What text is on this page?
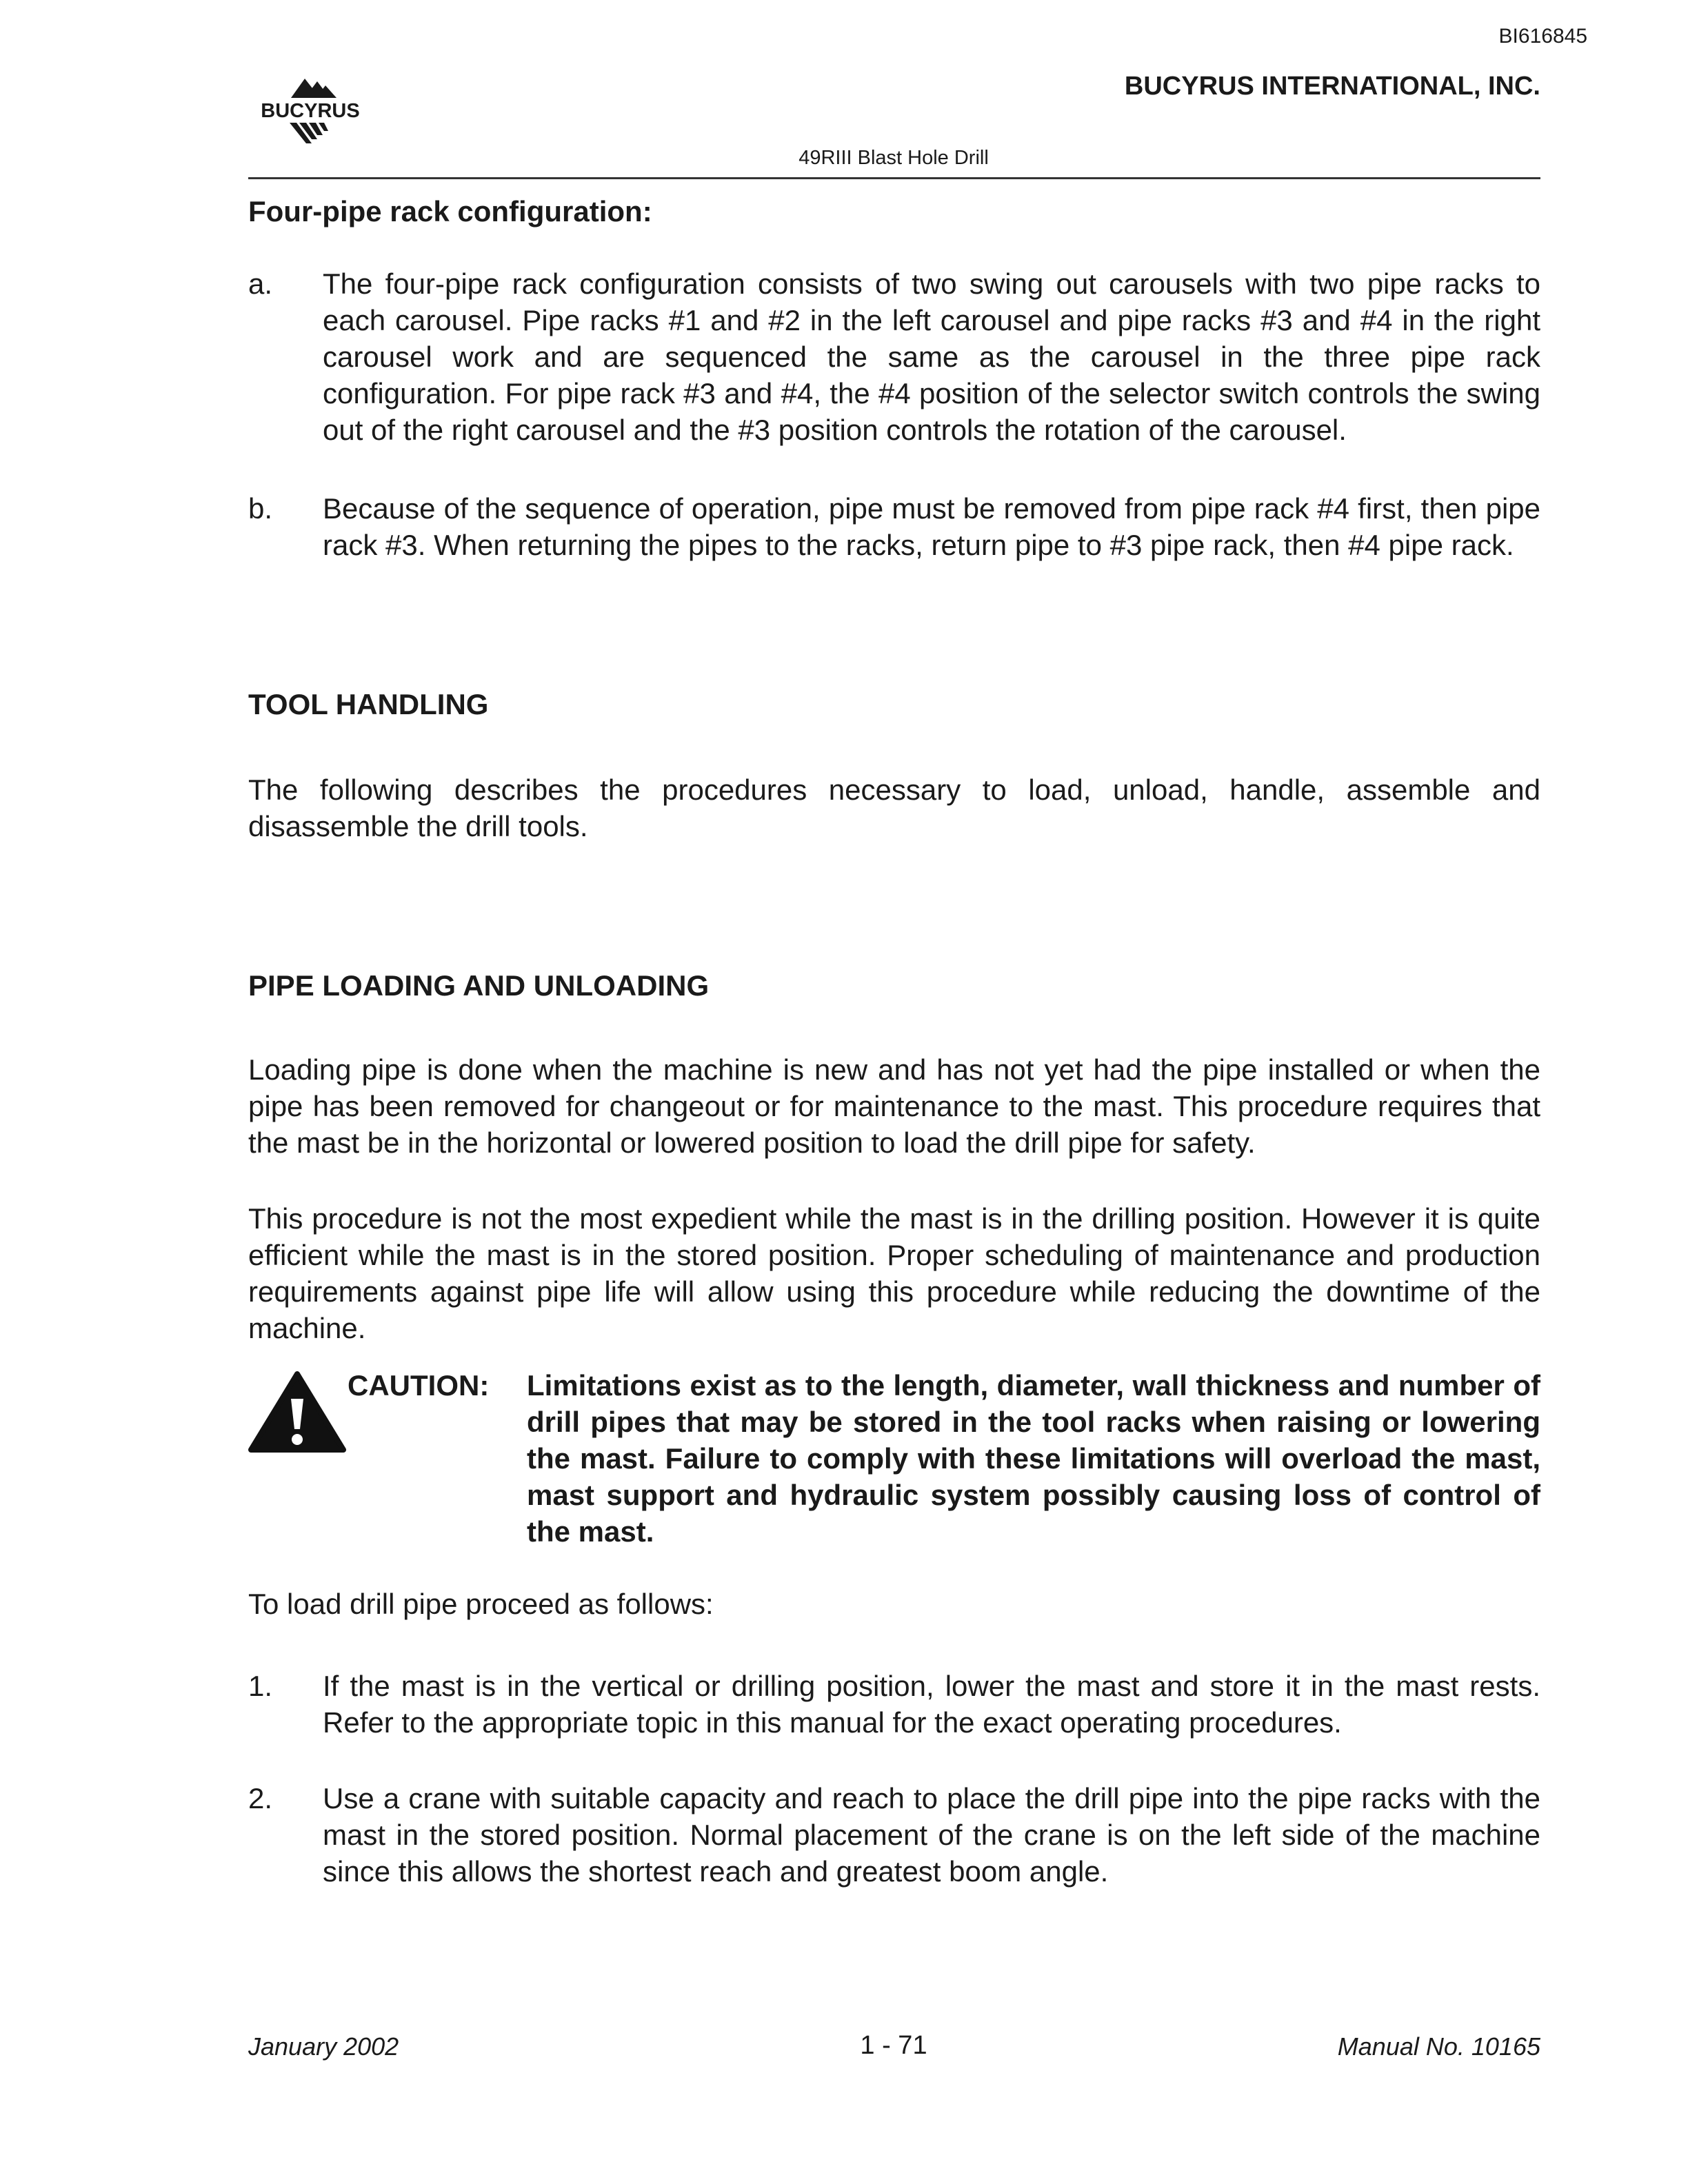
BI616845
BUCYRUS
BUCYRUS INTERNATIONAL, INC.
49RIII Blast Hole Drill
Four-pipe rack configuration:
a. The four-pipe rack configuration consists of two swing out carousels with two pipe racks to each carousel. Pipe racks #1 and #2 in the left carousel and pipe racks #3 and #4 in the right carousel work and are sequenced the same as the carousel in the three pipe rack configuration. For pipe rack #3 and #4, the #4 position of the selector switch controls the swing out of the right carousel and the #3 position controls the rotation of the carousel.
b. Because of the sequence of operation, pipe must be removed from pipe rack #4 first, then pipe rack #3. When returning the pipes to the racks, return pipe to #3 pipe rack, then #4 pipe rack.
TOOL HANDLING

The following describes the procedures necessary to load, unload, handle, assemble and disassemble the drill tools.

PIPE LOADING AND UNLOADING

Loading pipe is done when the machine is new and has not yet had the pipe installed or when the pipe has been removed for changeout or for maintenance to the mast. This procedure requires that the mast be in the horizontal or lowered position to load the drill pipe for safety.

This procedure is not the most expedient while the mast is in the drilling position. However it is quite efficient while the mast is in the stored position. Proper scheduling of maintenance and production requirements against pipe life will allow using this procedure while reducing the downtime of the machine.

CAUTION: Limitations exist as to the length, diameter, wall thickness and number of drill pipes that may be stored in the tool racks when raising or lowering the mast. Failure to comply with these limitations will overload the mast, mast support and hydraulic system possibly causing loss of control of the mast.

To load drill pipe proceed as follows:

1. If the mast is in the vertical or drilling position, lower the mast and store it in the mast rests. Refer to the appropriate topic in this manual for the exact operating procedures.
2. Use a crane with suitable capacity and reach to place the drill pipe into the pipe racks with the mast in the stored position. Normal placement of the crane is on the left side of the machine since this allows the shortest reach and greatest boom angle.
January 2002	1 - 71	Manual No. 10165
